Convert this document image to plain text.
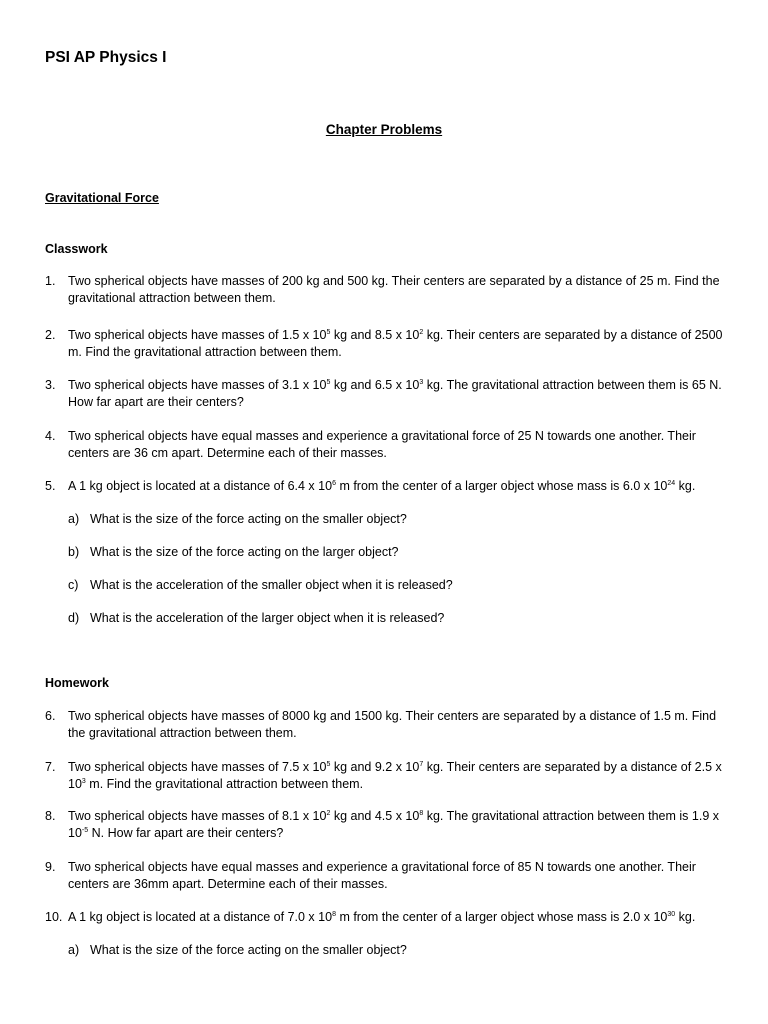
PSI AP Physics I
Chapter Problems
Gravitational Force
Classwork
1.	Two spherical objects have masses of 200 kg and 500 kg. Their centers are separated by a distance of 25 m. Find the gravitational attraction between them.
2.	Two spherical objects have masses of 1.5 x $10^5$ kg and 8.5 x $10^2$ kg. Their centers are separated by a distance of 2500 m. Find the gravitational attraction between them.
3.	Two spherical objects have masses of 3.1 x $10^5$ kg and 6.5 x $10^3$ kg. The gravitational attraction between them is 65 N. How far apart are their centers?
4.	Two spherical objects have equal masses and experience a gravitational force of 25 N towards one another. Their centers are 36 cm apart. Determine each of their masses.
5.	A 1 kg object is located at a distance of 6.4 x $10^6$ m from the center of a larger object whose mass is 6.0 x $10^{24}$ kg.
a) What is the size of the force acting on the smaller object?
b) What is the size of the force acting on the larger object?
c) What is the acceleration of the smaller object when it is released?
d) What is the acceleration of the larger object when it is released?
Homework
6.	Two spherical objects have masses of 8000 kg and 1500 kg. Their centers are separated by a distance of 1.5 m. Find the gravitational attraction between them.
7.	Two spherical objects have masses of 7.5 x $10^5$ kg and 9.2 x $10^7$ kg. Their centers are separated by a distance of 2.5 x $10^3$ m. Find the gravitational attraction between them.
8.	Two spherical objects have masses of 8.1 x $10^2$ kg and 4.5 x $10^8$ kg. The gravitational attraction between them is 1.9 x $10^{-5}$ N. How far apart are their centers?
9.	Two spherical objects have equal masses and experience a gravitational force of 85 N towards one another. Their centers are 36mm apart. Determine each of their masses.
10. A 1 kg object is located at a distance of 7.0 x $10^8$ m from the center of a larger object whose mass is 2.0 x $10^{30}$ kg.
a) What is the size of the force acting on the smaller object?
